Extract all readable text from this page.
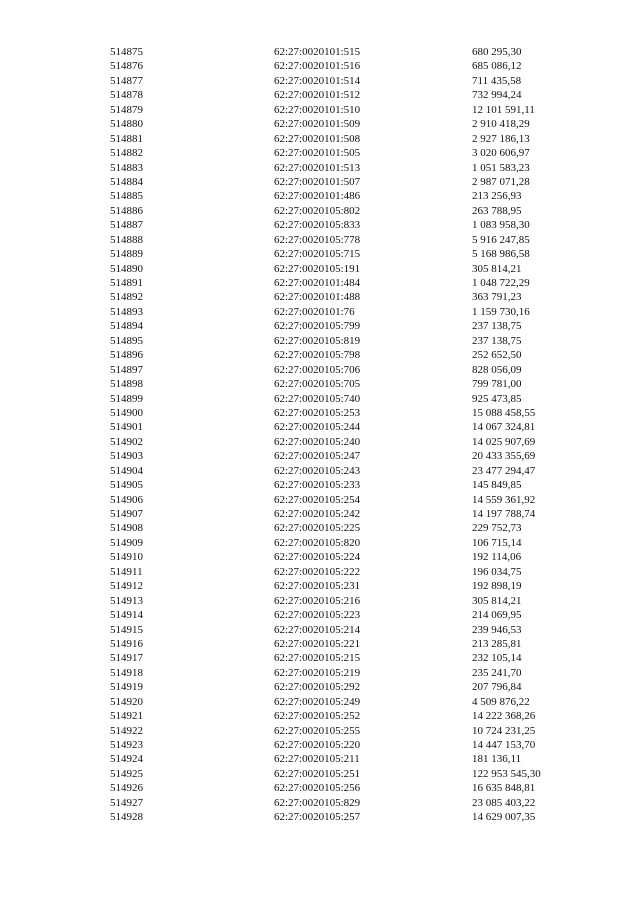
514875	62:27:0020101:515	680 295,30
514876	62:27:0020101:516	685 086,12
514877	62:27:0020101:514	711 435,58
514878	62:27:0020101:512	732 994,24
514879	62:27:0020101:510	12 101 591,11
514880	62:27:0020101:509	2 910 418,29
514881	62:27:0020101:508	2 927 186,13
514882	62:27:0020101:505	3 020 606,97
514883	62:27:0020101:513	1 051 583,23
514884	62:27:0020101:507	2 987 071,28
514885	62:27:0020101:486	213 256,93
514886	62:27:0020105:802	263 788,95
514887	62:27:0020105:833	1 083 958,30
514888	62:27:0020105:778	5 916 247,85
514889	62:27:0020105:715	5 168 986,58
514890	62:27:0020105:191	305 814,21
514891	62:27:0020101:484	1 048 722,29
514892	62:27:0020101:488	363 791,23
514893	62:27:0020101:76	1 159 730,16
514894	62:27:0020105:799	237 138,75
514895	62:27:0020105:819	237 138,75
514896	62:27:0020105:798	252 652,50
514897	62:27:0020105:706	828 056,09
514898	62:27:0020105:705	799 781,00
514899	62:27:0020105:740	925 473,85
514900	62:27:0020105:253	15 088 458,55
514901	62:27:0020105:244	14 067 324,81
514902	62:27:0020105:240	14 025 907,69
514903	62:27:0020105:247	20 433 355,69
514904	62:27:0020105:243	23 477 294,47
514905	62:27:0020105:233	145 849,85
514906	62:27:0020105:254	14 559 361,92
514907	62:27:0020105:242	14 197 788,74
514908	62:27:0020105:225	229 752,73
514909	62:27:0020105:820	106 715,14
514910	62:27:0020105:224	192 114,06
514911	62:27:0020105:222	196 034,75
514912	62:27:0020105:231	192 898,19
514913	62:27:0020105:216	305 814,21
514914	62:27:0020105:223	214 069,95
514915	62:27:0020105:214	239 946,53
514916	62:27:0020105:221	213 285,81
514917	62:27:0020105:215	232 105,14
514918	62:27:0020105:219	235 241,70
514919	62:27:0020105:292	207 796,84
514920	62:27:0020105:249	4 509 876,22
514921	62:27:0020105:252	14 222 368,26
514922	62:27:0020105:255	10 724 231,25
514923	62:27:0020105:220	14 447 153,70
514924	62:27:0020105:211	181 136,11
514925	62:27:0020105:251	122 953 545,30
514926	62:27:0020105:256	16 635 848,81
514927	62:27:0020105:829	23 085 403,22
514928	62:27:0020105:257	14 629 007,35
